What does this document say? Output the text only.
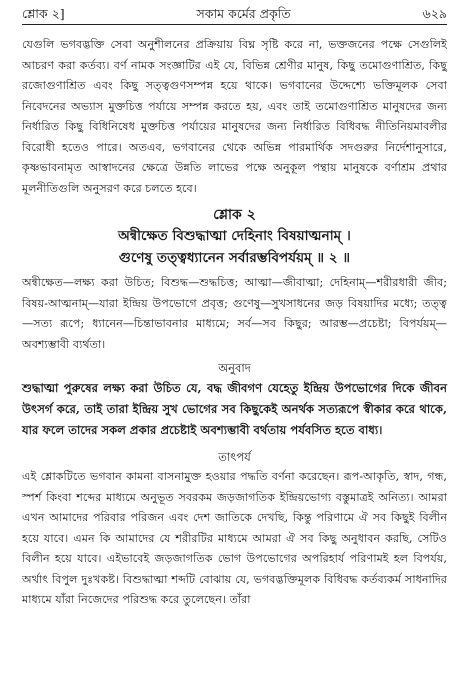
শ্লোক ২]	সকাম কর্মের প্রকৃতি	৬২৯

যেগুলি ভগবদ্ভক্তি সেবা অনুশীলনের প্রক্রিয়ায় বিঘ্ন সৃষ্টি করে না, ভক্তজনের পক্ষে সেগুলিই আচরণ করা কর্তব্য। বর্ণ নামক সংজ্ঞাটির এই যে, বিভিন্ন শ্রেণীর মানুষ, কিছু তমোগুণাশ্রিত, কিছু রজোগুণাশ্রিত এবং কিছু সত্ত্বগুণসম্পন্ন হয়ে থাকে। ভগবানের উদ্দেশ্যে ভক্তিমূলক সেবা নিবেদনের অভ্যাস মুক্তচিত্ত পর্যায়ে সম্পন্ন করতে হয়, এবং তাই তমোগুণাশ্রিত মানুষদের জন্য নির্ধারিত কিছু বিধিনিষেধ মুক্তচিত্ত পর্যায়ের মানুষদের জন্য নির্ধারিত বিধিবদ্ধ নীতিনিয়মাবলীর বিরোধী হতেও পারে। অতএব, ভগবানের থেকে অভিন্ন পারমার্থিক সদগুরুর নির্দেশানুসারে, কৃষ্ণভাবনামৃত আস্বাদনের ক্ষেত্রে উন্নতি লাভের পক্ষে অনুকূল পন্থায় মানুষকে বর্ণাশ্রম প্রথার মূলনীতিগুলি অনুসরণ করে চলতে হবে।

শ্লোক ২
অন্বীক্ষেত বিশুদ্ধাত্মা দেহিনাং বিষয়াত্মনাম্ ।
গুণেষু তত্ত্বধ্যানেন সর্বারম্ভবিপর্যয়ম্ ॥ ২ ॥

অন্বীক্ষেত—লক্ষ্য করা উচিত; বিশুদ্ধ—শুদ্ধচিত্ত; আত্মা—জীবাত্মা; দেহিনাম্—শরীরধারী জীব; বিষয়-আত্মনাম্—যারা ইন্দ্রিয় উপভোগে প্রবৃত্ত; গুণেষু—সুখসাধনের জড় বিষয়াদির মধ্যে; তত্ত্ব—সত্য রূপে; ধ্যানেন—চিন্তাভাবনার মাধ্যমে; সর্ব—সব কিছুর; আরম্ভ—প্রচেষ্টা; বিপর্যয়ম্—অবশ্যম্ভাবী ব্যর্থতা।

অনুবাদ

শুদ্ধাত্মা পুরুষের লক্ষ্য করা উচিত যে, বদ্ধ জীবগণ যেহেতু ইন্দ্রিয় উপভোগের দিকে জীবন উৎসর্গ করে, তাই তারা ইন্দ্রিয় সুখ ভোগের সব কিছুকেই অনর্থক সত্যরূপে স্বীকার করে থাকে, যার ফলে তাদের সকল প্রকার প্রচেষ্টাই অবশ্যম্ভাবী বর্থতায় পর্যবসিত হতে বাধ্য।

তাৎপর্য

এই শ্লোকটিতে ভগবান কামনা বাসনামুক্ত হওয়ার পদ্ধতি বর্ণনা করেছেন। রূপ-আকৃতি, স্বাদ, গন্ধ, স্পর্শ কিংবা শব্দের মাধ্যমে অনুভূত সবরকম জড়জাগতিক ইন্দ্রিয়ভোগ্য বস্তুমাত্রই অনিত্য। আমরা এখন আমাদের পরিবার পরিজন এবং দেশ জাতিকে দেখছি, কিন্তু পরিণামে ঐ সব কিছুই বিলীন হয়ে যাবে। এমন কি আমাদের যে শরীরটির মাধ্যমে আমরা ঐ সব কিছু অনুধাবন করছি, সেটিও বিলীন হয়ে যাবে। এইভাবেই জড়জাগতিক ভোগ উপভোগের অপরিহার্য পরিণামই হল বিপর্যয়, অর্থাৎ বিপুল দুঃখকষ্ট। বিশুদ্ধাত্মা শব্দটি বোঝায় যে, ভগবদ্ভক্তিমূলক বিধিবদ্ধ কর্তব্যকর্ম সাধনাদির মাধ্যমে যাঁরা নিজেদের পরিশুদ্ধ করে তুলেছেন। তাঁরা
